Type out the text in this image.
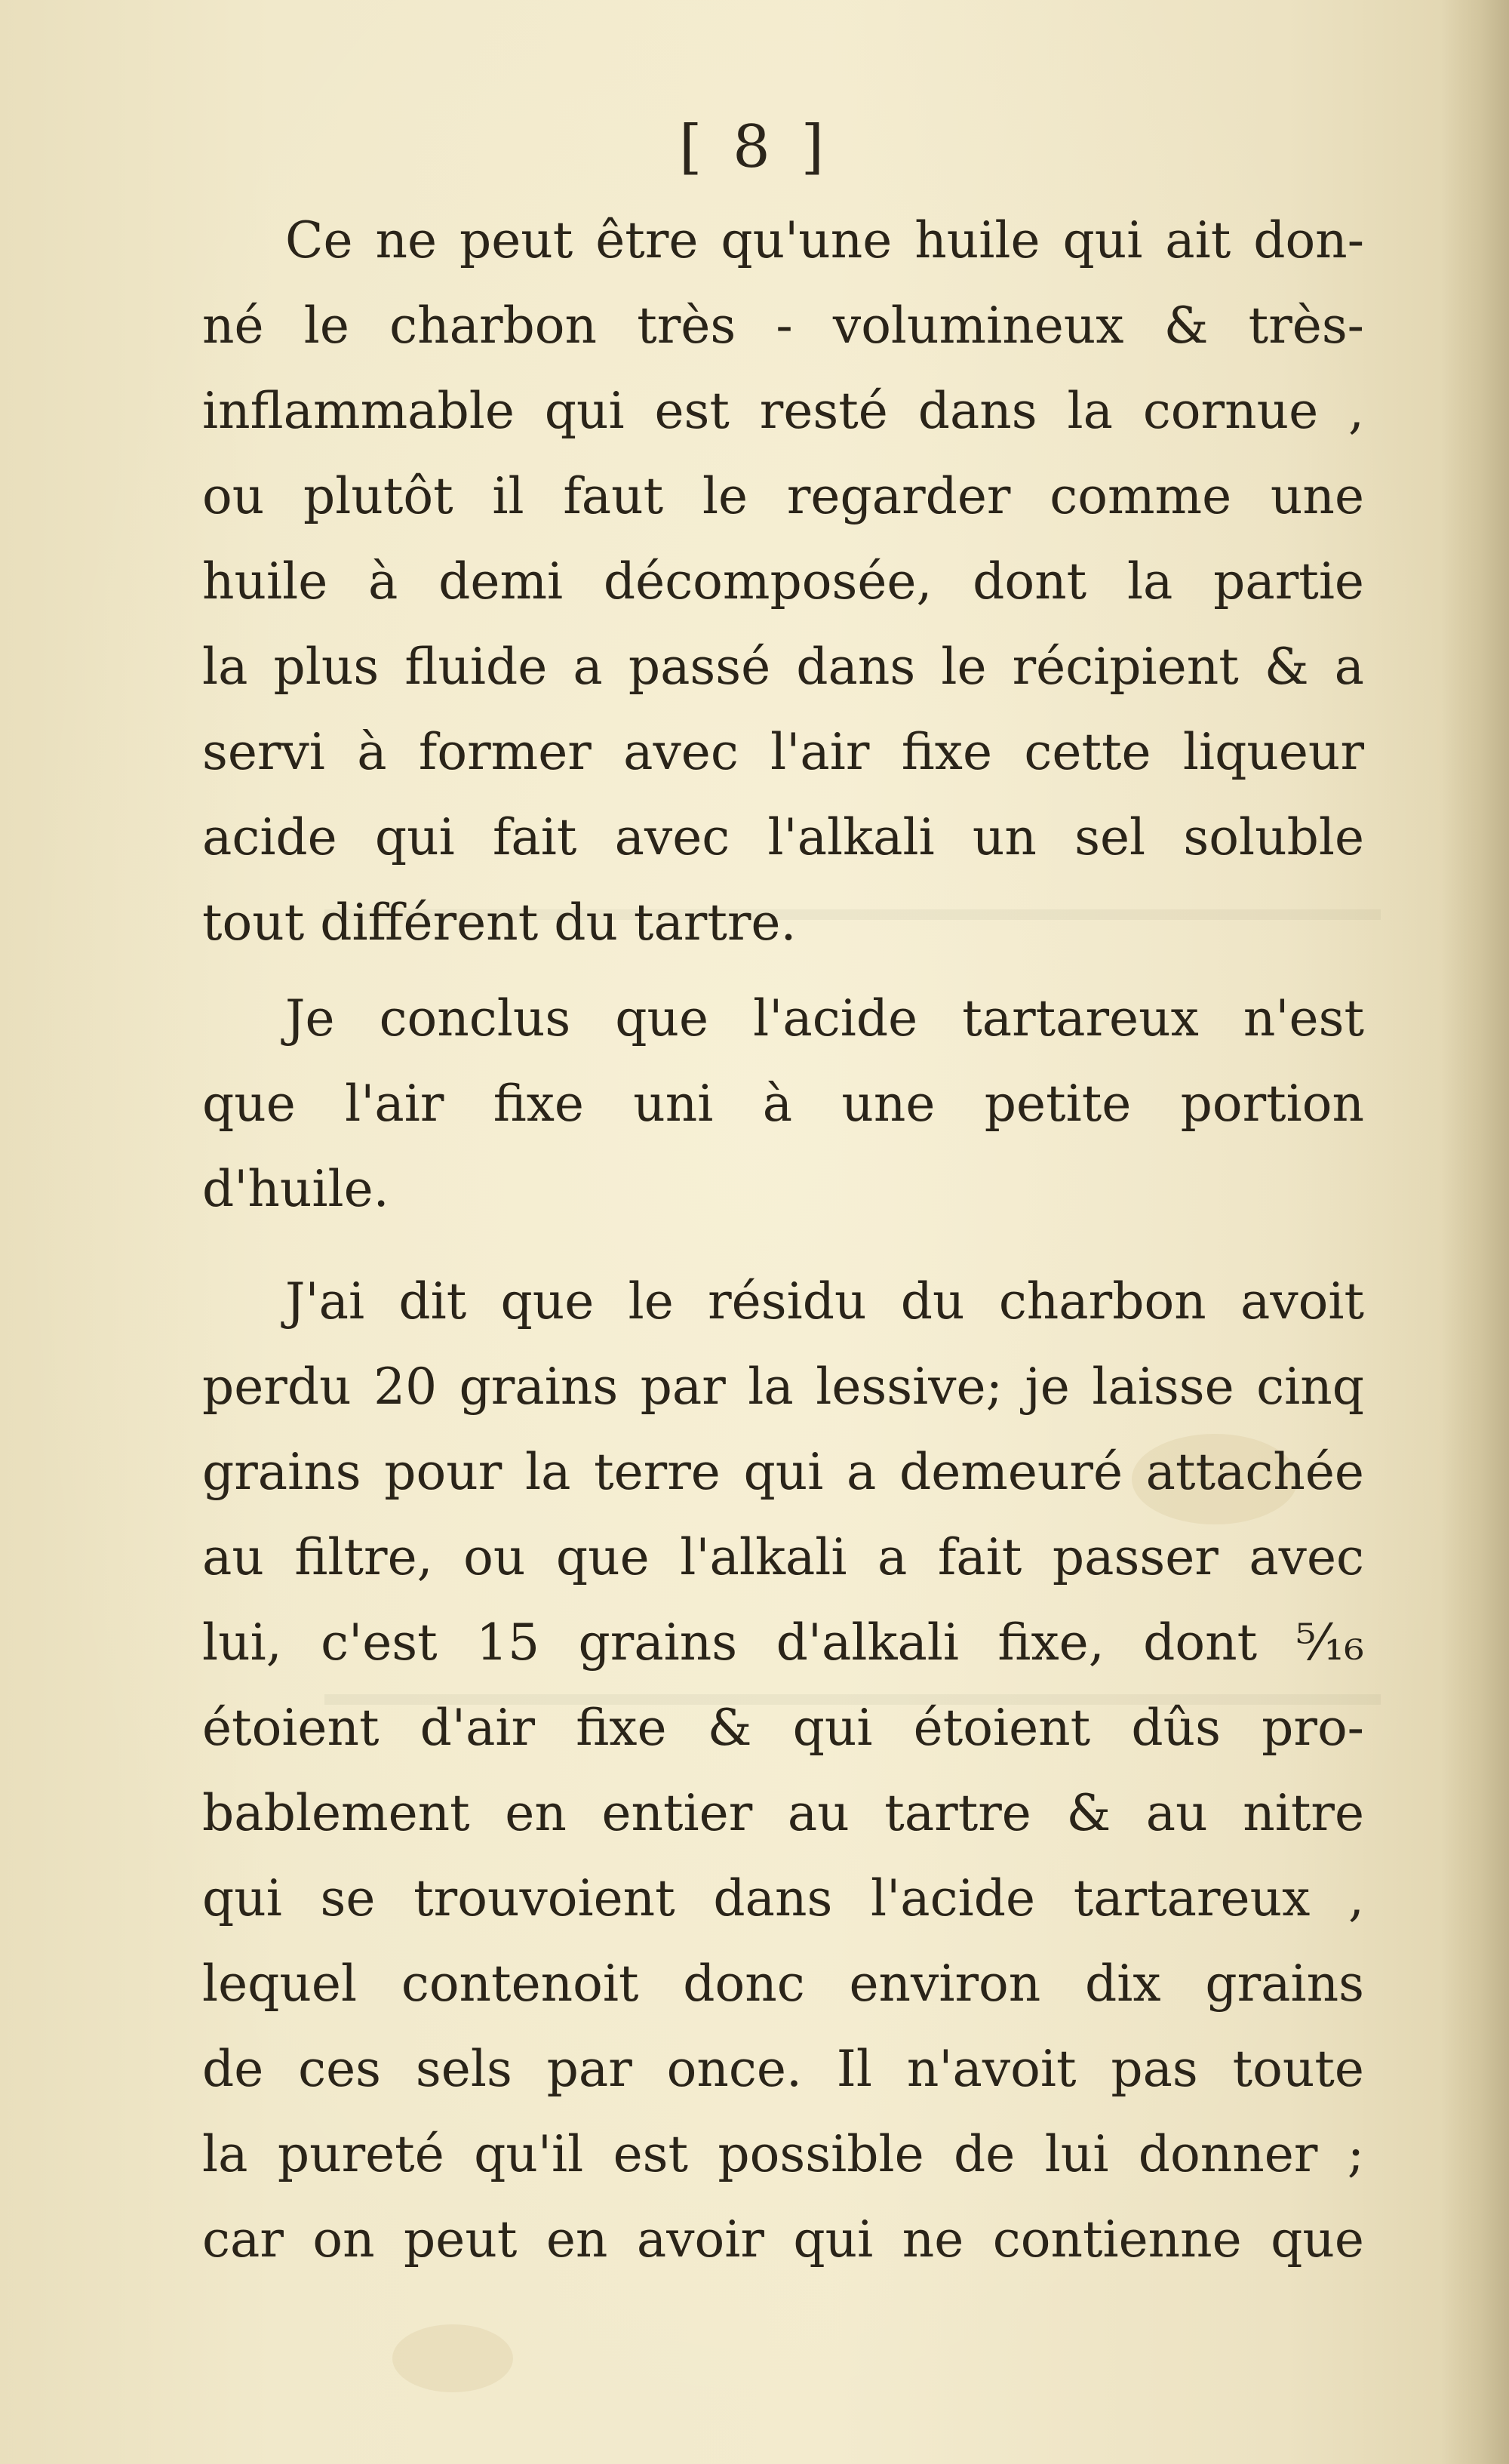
[ 8 ]
Ce ne peut être qu'une huile qui ait don-
né le charbon très - volumineux & très-
inflammable qui est resté dans la cornue ,
ou plutôt il faut le regarder comme une
huile à demi décomposée, dont la partie
la plus fluide a passé dans le récipient & a
servi à former avec l'air fixe cette liqueur
acide qui fait avec l'alkali un sel soluble
tout différent du tartre.
Je conclus que l'acide tartareux n'est
que l'air fixe uni à une petite portion
d'huile.
J'ai dit que le résidu du charbon avoit
perdu 20 grains par la lessive; je laisse cinq
grains pour la terre qui a demeuré attachée
au filtre, ou que l'alkali a fait passer avec
lui, c'est 15 grains d'alkali fixe, dont ⁵⁄₁₆
étoient d'air fixe & qui étoient dûs pro-
bablement en entier au tartre & au nitre
qui se trouvoient dans l'acide tartareux ,
lequel contenoit donc environ dix grains
de ces sels par once. Il n'avoit pas toute
la pureté qu'il est possible de lui donner ;
car on peut en avoir qui ne contienne que
